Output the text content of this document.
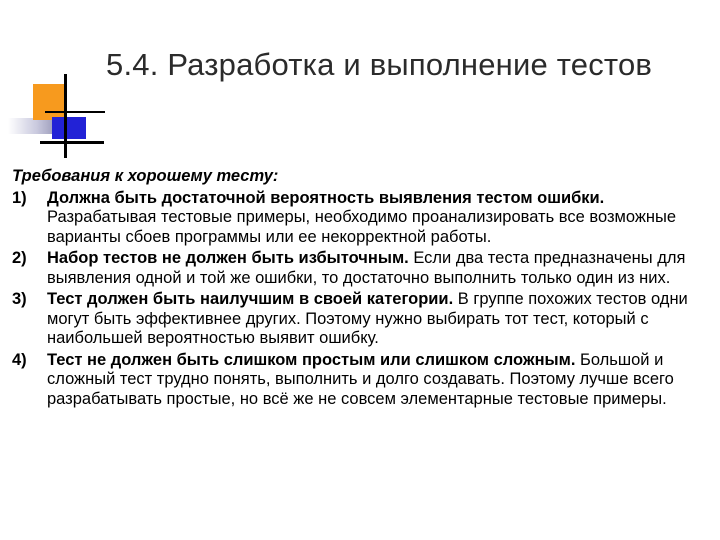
5.4. Разработка и выполнение тестов
Требования к хорошему тесту:
1) Должна быть достаточной вероятность выявления тестом ошибки. Разрабатывая тестовые примеры, необходимо проанализировать все возможные варианты сбоев программы или ее некорректной работы.
2) Набор тестов не должен быть избыточным. Если два теста предназначены для выявления одной и той же ошибки, то достаточно выполнить только один из них.
3) Тест должен быть наилучшим в своей категории. В группе похожих тестов одни могут быть эффективнее других. Поэтому нужно выбирать тот тест, который с наибольшей вероятностью выявит ошибку.
4) Тест не должен быть слишком простым или слишком сложным. Большой и сложный тест трудно понять, выполнить и долго создавать. Поэтому лучше всего разрабатывать простые, но всё же не совсем элементарные тестовые примеры.
